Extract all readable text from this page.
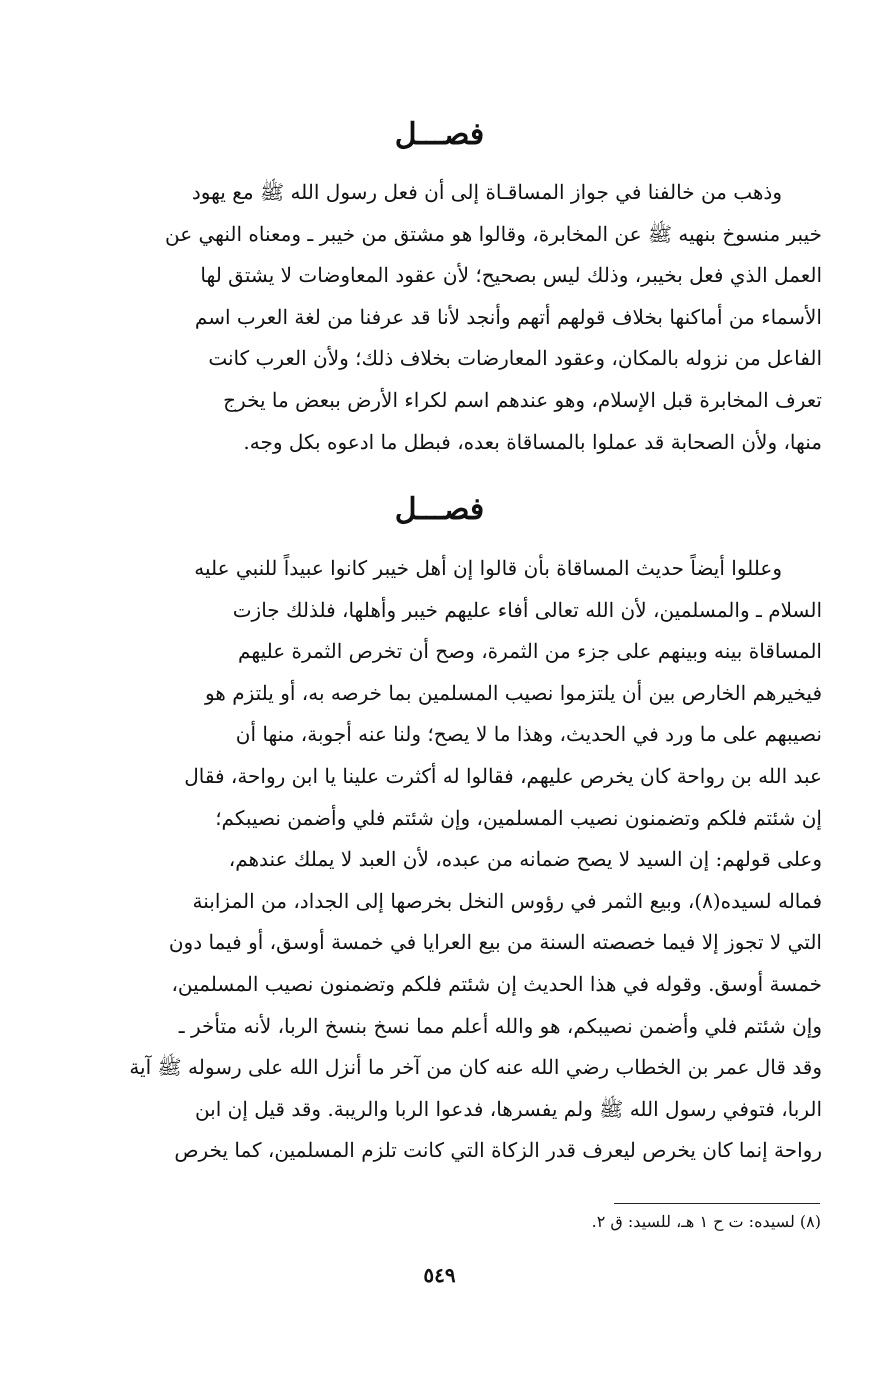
فصـــل
وذهب من خالفنا في جواز المساقـاة إلى أن فعل رسول الله ﷺ مع يهود
خيبر منسوخ بنهيه ﷺ عن المخابرة، وقالوا هو مشتق من خيبر ـ ومعناه النهي عن
العمل الذي فعل بخيبر، وذلك ليس بصحيح؛ لأن عقود المعاوضات لا يشتق لها
الأسماء من أماكنها بخلاف قولهم أتهم وأنجد لأنا قد عرفنا من لغة العرب اسم
الفاعل من نزوله بالمكان، وعقود المعارضات بخلاف ذلك؛ ولأن العرب كانت
تعرف المخابرة قبل الإسلام، وهو عندهم اسم لكراء الأرض ببعض ما يخرج
منها، ولأن الصحابة قد عملوا بالمساقاة بعده، فبطل ما ادعوه بكل وجه.
فصـــل
وعللوا أيضاً حديث المساقاة بأن قالوا إن أهل خيبر كانوا عبيداً للنبي عليه
السلام ـ والمسلمين، لأن الله تعالى أفاء عليهم خيبر وأهلها، فلذلك جازت
المساقاة بينه وبينهم على جزء من الثمرة، وصح أن تخرص الثمرة عليهم
فيخيرهم الخارص بين أن يلتزموا نصيب المسلمين بما خرصه به، أو يلتزم هو
نصيبهم على ما ورد في الحديث، وهذا ما لا يصح؛ ولنا عنه أجوبة، منها أن
عبد الله بن رواحة كان يخرص عليهم، فقالوا له أكثرت علينا يا ابن رواحة، فقال
إن شئتم فلكم وتضمنون نصيب المسلمين، وإن شئتم فلي وأضمن نصيبكم؛
وعلى قولهم: إن السيد لا يصح ضمانه من عبده، لأن العبد لا يملك عندهم،
فماله لسيده(٨)، وبيع الثمر في رؤوس النخل بخرصها إلى الجداد، من المزابنة
التي لا تجوز إلا فيما خصصته السنة من بيع العرايا في خمسة أوسق، أو فيما دون
خمسة أوسق. وقوله في هذا الحديث إن شئتم فلكم وتضمنون نصيب المسلمين،
وإن شئتم فلي وأضمن نصيبكم، هو والله أعلم مما نسخ بنسخ الربا، لأنه متأخر ـ
وقد قال عمر بن الخطاب رضي الله عنه كان من آخر ما أنزل الله على رسوله ﷺ آية
الربا، فتوفي رسول الله ﷺ ولم يفسرها، فدعوا الربا والريبة. وقد قيل إن ابن
رواحة إنما كان يخرص ليعرف قدر الزكاة التي كانت تلزم المسلمين، كما يخرص
(٨) لسيده: ت ح ١ هـ، للسيد: ق ٢.
٥٤٩
